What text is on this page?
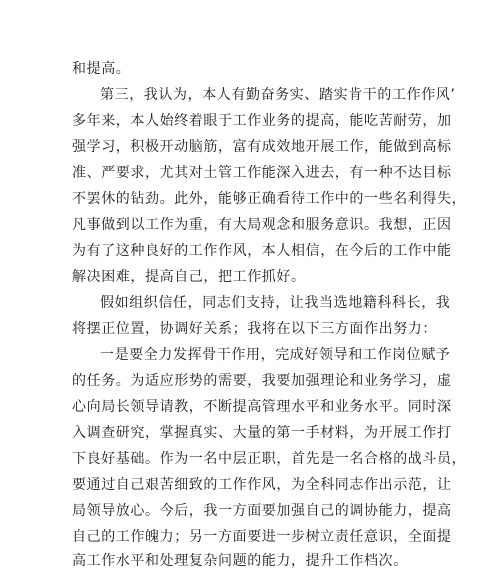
和提高。
第三，我认为，本人有勤奋务实、踏实肯干的工作作风’
多年来，本人始终着眼于工作业务的提高，能吃苦耐劳，加
强学习，积极开动脑筋，富有成效地开展工作，能做到高标
准、严要求，尤其对土管工作能深入进去，有一种不达目标
不罢休的钻劲。此外，能够正确看待工作中的一些名利得失，
凡事做到以工作为重，有大局观念和服务意识。我想，正因
为有了这种良好的工作作风，本人相信，在今后的工作中能
解决困难，提高自己，把工作抓好。
假如组织信任，同志们支持，让我当选地籍科科长，我
将摆正位置，协调好关系；我将在以下三方面作出努力：
一是要全力发挥骨干作用，完成好领导和工作岗位赋予
的任务。为适应形势的需要，我要加强理论和业务学习，虚
心向局长领导请教，不断提高管理水平和业务水平。同时深
入调查研究，掌握真实、大量的第一手材料，为开展工作打
下良好基础。作为一名中层正职，首先是一名合格的战斗员，
要通过自己艰苦细致的工作作风，为全科同志作出示范，让
局领导放心。今后，我一方面要加强自己的调协能力，提高
自己的工作魄力；另一方面要进一步树立责任意识，全面提
高工作水平和处理复杂问题的能力，提升工作档次。
